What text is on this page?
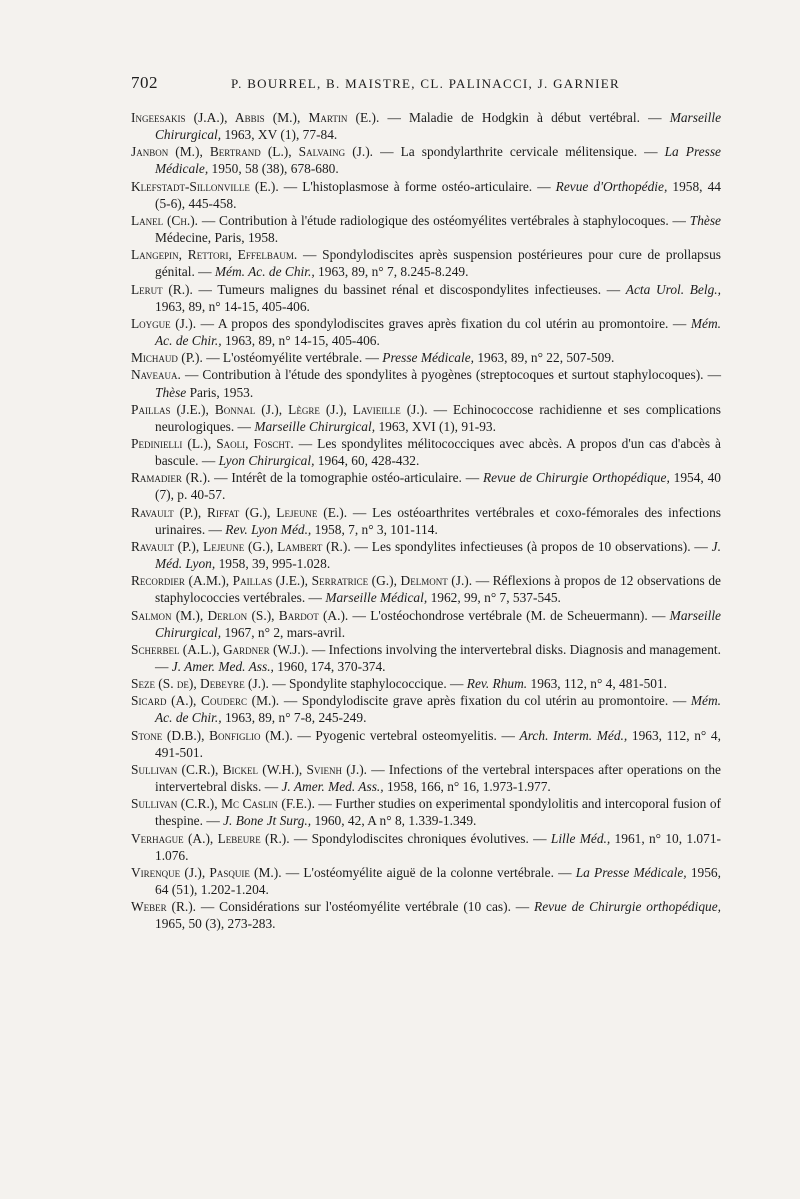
702	P. BOURREL, B. MAISTRE, CL. PALINACCI, J. GARNIER
Ingeesakis (J.A.), Abbis (M.), Martin (E.). — Maladie de Hodgkin à début vertébral. — Marseille Chirurgical, 1963, XV (1), 77-84.
Janbon (M.), Bertrand (L.), Salvaing (J.). — La spondylarthrite cervicale mélitensique. — La Presse Médicale, 1950, 58 (38), 678-680.
Klefstadt-Sillonville (E.). — L'histoplasmose à forme ostéo-articulaire. — Revue d'Orthopédie, 1958, 44 (5-6), 445-458.
Lanel (Ch.). — Contribution à l'étude radiologique des ostéomyélites vertébrales à staphylocoques. — Thèse Médecine, Paris, 1958.
Langepin, Rettori, Effelbaum. — Spondylodiscites après suspension postérieures pour cure de prollapsus génital. — Mém. Ac. de Chir., 1963, 89, n° 7, 8.245-8.249.
Lerut (R.). — Tumeurs malignes du bassinet rénal et discospondylites infectieuses. — Acta Urol. Belg., 1963, 89, n° 14-15, 405-406.
Loygue (J.). — A propos des spondylodiscites graves après fixation du col utérin au promontoire. — Mém. Ac. de Chir., 1963, 89, n° 14-15, 405-406.
Michaud (P.). — L'ostéomyélite vertébrale. — Presse Médicale, 1963, 89, n° 22, 507-509.
Naveaua. — Contribution à l'étude des spondylites à pyogènes (streptocoques et surtout staphylocoques). — Thèse Paris, 1953.
Paillas (J.E.), Bonnal (J.), Lègre (J.), Lavieille (J.). — Echinococcose rachidienne et ses complications neurologiques. — Marseille Chirurgical, 1963, XVI (1), 91-93.
Pedinielli (L.), Saoli, Foscht. — Les spondylites mélitococciques avec abcès. A propos d'un cas d'abcès à bascule. — Lyon Chirurgical, 1964, 60, 428-432.
Ramadier (R.). — Intérêt de la tomographie ostéo-articulaire. — Revue de Chirurgie Orthopédique, 1954, 40 (7), p. 40-57.
Ravault (P.), Riffat (G.), Lejeune (E.). — Les ostéoarthrites vertébrales et coxo-fémorales des infections urinaires. — Rev. Lyon Méd., 1958, 7, n° 3, 101-114.
Ravault (P.), Lejeune (G.), Lambert (R.). — Les spondylites infectieuses (à propos de 10 observations). — J. Méd. Lyon, 1958, 39, 995-1.028.
Recordier (A.M.), Paillas (J.E.), Serratrice (G.), Delmont (J.). — Réflexions à propos de 12 observations de staphylococcies vertébrales. — Marseille Médical, 1962, 99, n° 7, 537-545.
Salmon (M.), Derlon (S.), Bardot (A.). — L'ostéochondrose vertébrale (M. de Scheuermann). — Marseille Chirurgical, 1967, n° 2, mars-avril.
Scherbel (A.L.), Gardner (W.J.). — Infections involving the intervertebral disks. Diagnosis and management. — J. Amer. Med. Ass., 1960, 174, 370-374.
Seze (S. de), Debeyre (J.). — Spondylite staphylococcique. — Rev. Rhum. 1963, 112, n° 4, 481-501.
Sicard (A.), Couderc (M.). — Spondylodiscite grave après fixation du col utérin au promontoire. — Mém. Ac. de Chir., 1963, 89, n° 7-8, 245-249.
Stone (D.B.), Bonfiglio (M.). — Pyogenic vertebral osteomyelitis. — Arch. Interm. Méd., 1963, 112, n° 4, 491-501.
Sullivan (C.R.), Bickel (W.H.), Svienh (J.). — Infections of the vertebral interspaces after operations on the intervertebral disks. — J. Amer. Med. Ass., 1958, 166, n° 16, 1.973-1.977.
Sullivan (C.R.), Mc Caslin (F.E.). — Further studies on experimental spondylolitis and intercoporal fusion of thespine. — J. Bone Jt Surg., 1960, 42, A n° 8, 1.339-1.349.
Verhague (A.), Lebeure (R.). — Spondylodiscites chroniques évolutives. — Lille Méd., 1961, n° 10, 1.071-1.076.
Virenque (J.), Pasquie (M.). — L'ostéomyélite aiguë de la colonne vertébrale. — La Presse Médicale, 1956, 64 (51), 1.202-1.204.
Weber (R.). — Considérations sur l'ostéomyélite vertébrale (10 cas). — Revue de Chirurgie orthopédique, 1965, 50 (3), 273-283.
